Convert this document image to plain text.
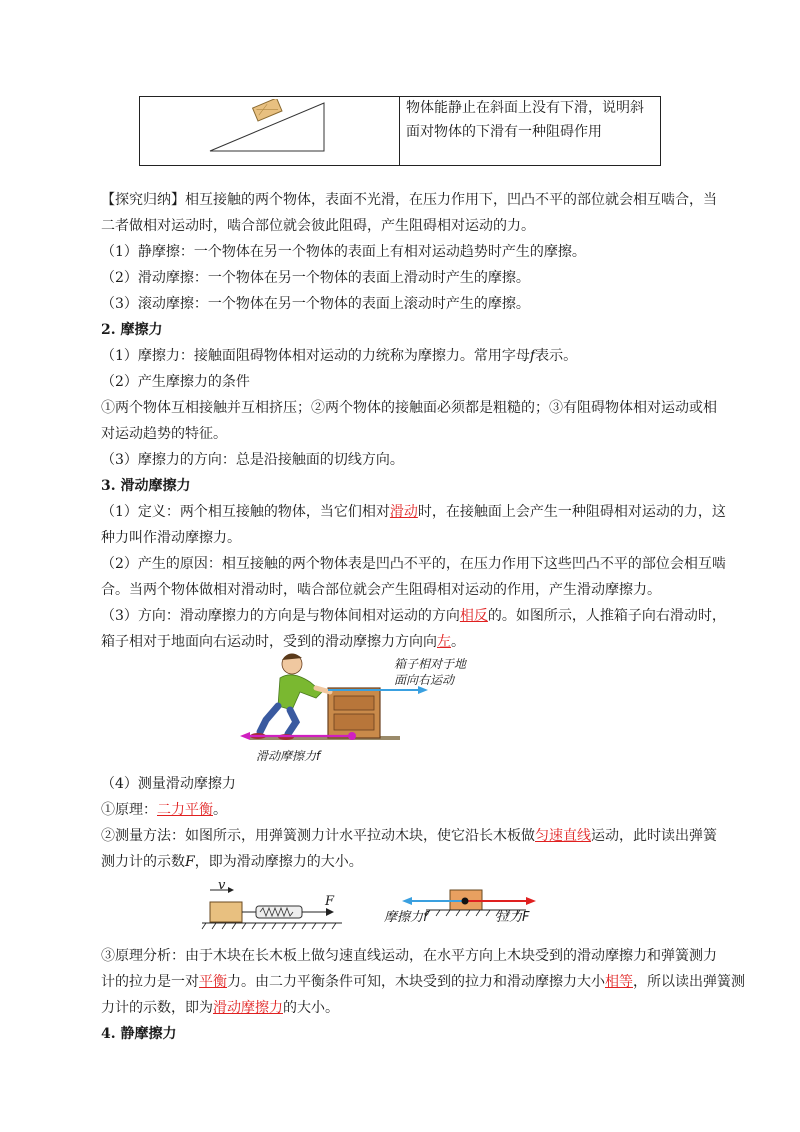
物体能静止在斜面上没有下滑，说明斜
面对物体的下滑有一种阻碍作用
【探究归纳】相互接触的两个物体，表面不光滑，在压力作用下，凹凸不平的部位就会相互啮合，当
二者做相对运动时，啮合部位就会彼此阻碍，产生阻碍相对运动的力。
（1）静摩擦：一个物体在另一个物体的表面上有相对运动趋势时产生的摩擦。
（2）滑动摩擦：一个物体在另一个物体的表面上滑动时产生的摩擦。
（3）滚动摩擦：一个物体在另一个物体的表面上滚动时产生的摩擦。
2. 摩擦力
（1）摩擦力：接触面阻碍物体相对运动的力统称为摩擦力。常用字母f表示。
（2）产生摩擦力的条件
①两个物体互相接触并互相挤压；②两个物体的接触面必须都是粗糙的；③有阻碍物体相对运动或相
对运动趋势的特征。
（3）摩擦力的方向：总是沿接触面的切线方向。
3. 滑动摩擦力
（1）定义：两个相互接触的物体，当它们相对滑动时，在接触面上会产生一种阻碍相对运动的力，这
种力叫作滑动摩擦力。
（2）产生的原因：相互接触的两个物体表是凹凸不平的，在压力作用下这些凹凸不平的部位会相互啮
合。当两个物体做相对滑动时，啮合部位就会产生阻碍相对运动的作用，产生滑动摩擦力。
（3）方向：滑动摩擦力的方向是与物体间相对运动的方向相反的。如图所示，人推箱子向右滑动时，
箱子相对于地面向右运动时，受到的滑动摩擦力方向向左。
箱子相对于地
面向右运动
滑动摩擦力f
（4）测量滑动摩擦力
①原理：二力平衡。
②测量方法：如图所示，用弹簧测力计水平拉动木块，使它沿长木板做匀速直线运动，此时读出弹簧
测力计的示数F，即为滑动摩擦力的大小。
v
F
摩擦力f	拉力F
③原理分析：由于木块在长木板上做匀速直线运动，在水平方向上木块受到的滑动摩擦力和弹簧测力
计的拉力是一对平衡力。由二力平衡条件可知，木块受到的拉力和滑动摩擦力大小相等，所以读出弹簧测
力计的示数，即为滑动摩擦力的大小。
4. 静摩擦力
